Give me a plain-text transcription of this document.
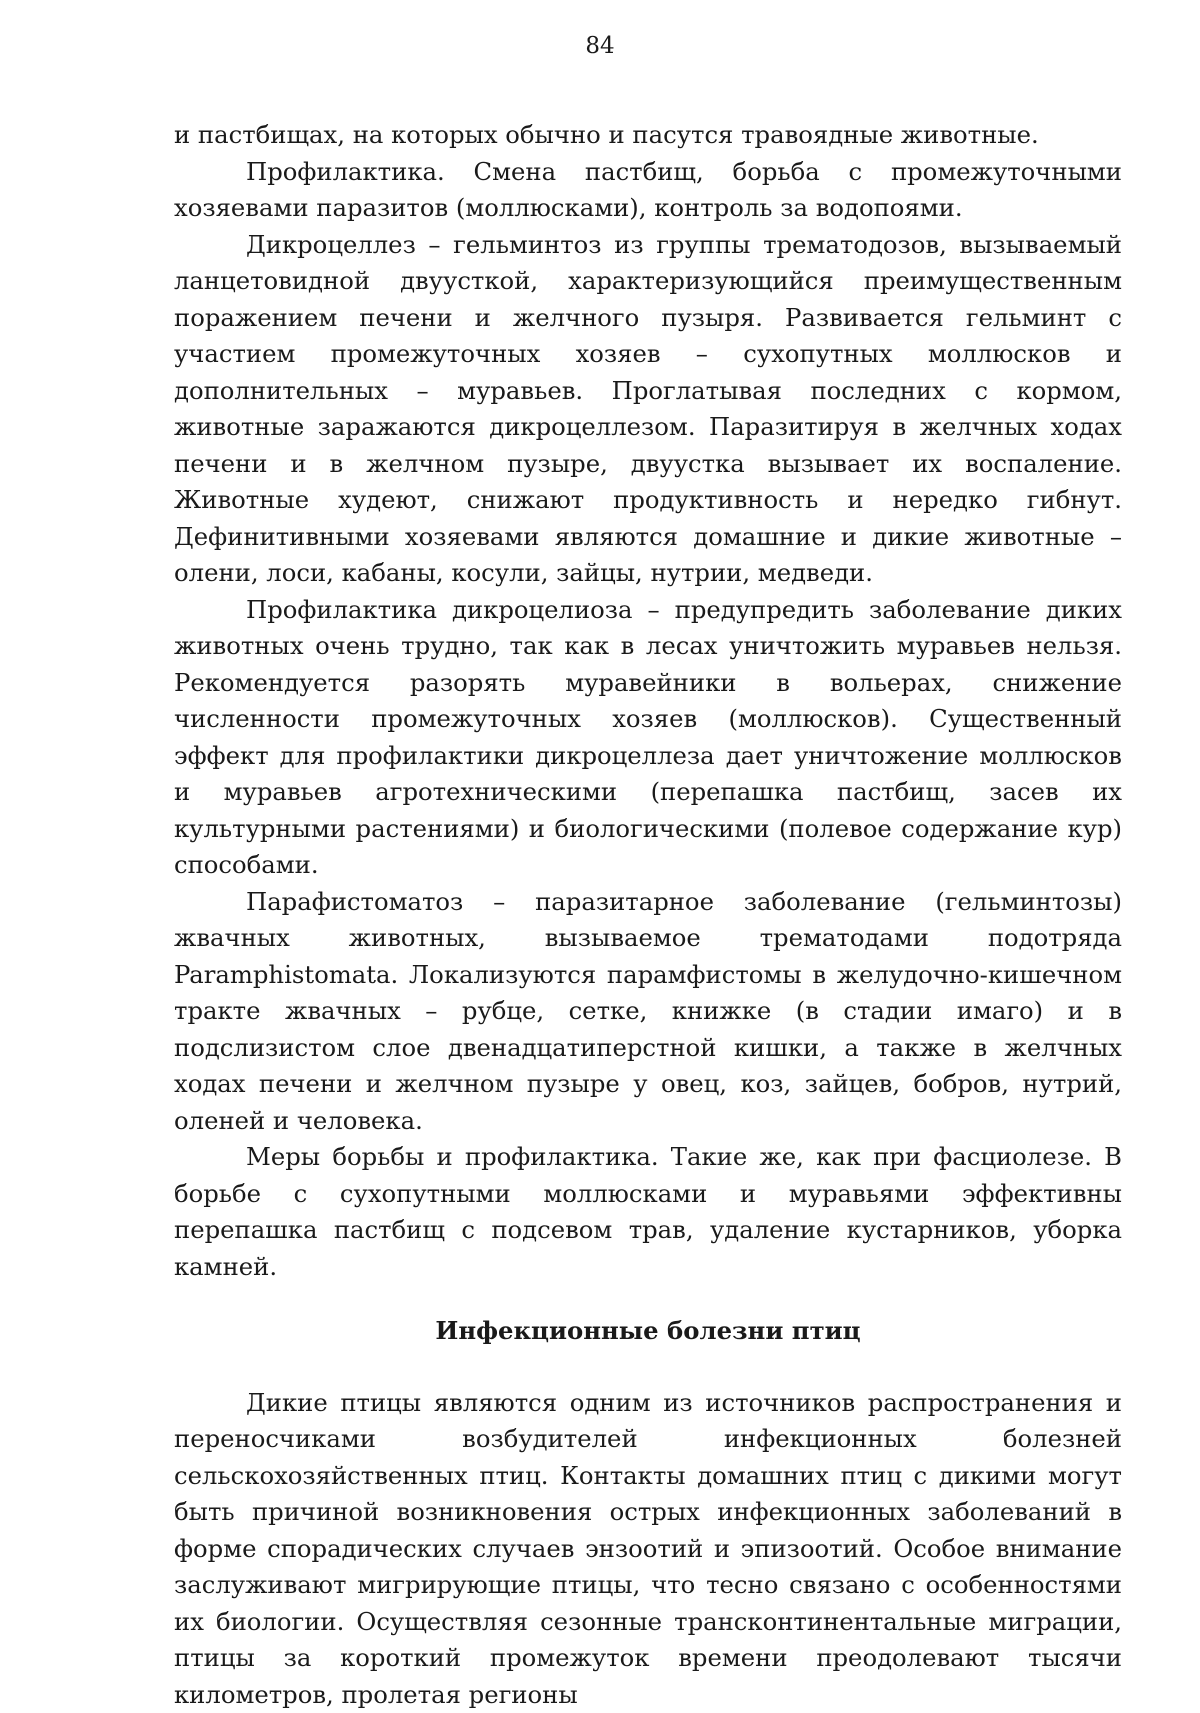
84

и пастбищах, на которых обычно и пасутся травоядные животные.

Профилактика. Смена пастбищ, борьба с промежуточными хозяевами паразитов (моллюсками), контроль за водопоями.

Дикроцеллез – гельминтоз из группы трематодозов, вызываемый ланцетовидной двуусткой, характеризующийся преимущественным поражением печени и желчного пузыря. Развивается гельминт с участием промежуточных хозяев – сухопутных моллюсков и дополнительных – муравьев. Проглатывая последних с кормом, животные заражаются дикроцеллезом. Паразитируя в желчных ходах печени и в желчном пузыре, двуустка вызывает их воспаление. Животные худеют, снижают продуктивность и нередко гибнут. Дефинитивными хозяевами являются домашние и дикие животные – олени, лоси, кабаны, косули, зайцы, нутрии, медведи.

Профилактика дикроцелиоза – предупредить заболевание диких животных очень трудно, так как в лесах уничтожить муравьев нельзя. Рекомендуется разорять муравейники в вольерах, снижение численности промежуточных хозяев (моллюсков). Существенный эффект для профилактики дикроцеллеза дает уничтожение моллюсков и муравьев агротехническими (перепашка пастбищ, засев их культурными растениями) и биологическими (полевое содержание кур) способами.

Парафистоматоз – паразитарное заболевание (гельминтозы) жвачных животных, вызываемое трематодами подотряда Paramphistomata. Локализуются парамфистомы в желудочно-кишечном тракте жвачных – рубце, сетке, книжке (в стадии имаго) и в подслизистом слое двенадцатиперстной кишки, а также в желчных ходах печени и желчном пузыре у овец, коз, зайцев, бобров, нутрий, оленей и человека.

Меры борьбы и профилактика. Такие же, как при фасциолезе. В борьбе с сухопутными моллюсками и муравьями эффективны перепашка пастбищ с подсевом трав, удаление кустарников, уборка камней.

Инфекционные болезни птиц

Дикие птицы являются одним из источников распространения и переносчиками возбудителей инфекционных болезней сельскохозяйственных птиц. Контакты домашних птиц с дикими могут быть причиной возникновения острых инфекционных заболеваний в форме спорадических случаев энзоотий и эпизоотий. Особое внимание заслуживают мигрирующие птицы, что тесно связано с особенностями их биологии. Осуществляя сезонные трансконтинентальные миграции, птицы за короткий промежуток времени преодолевают тысячи километров, пролетая регионы
